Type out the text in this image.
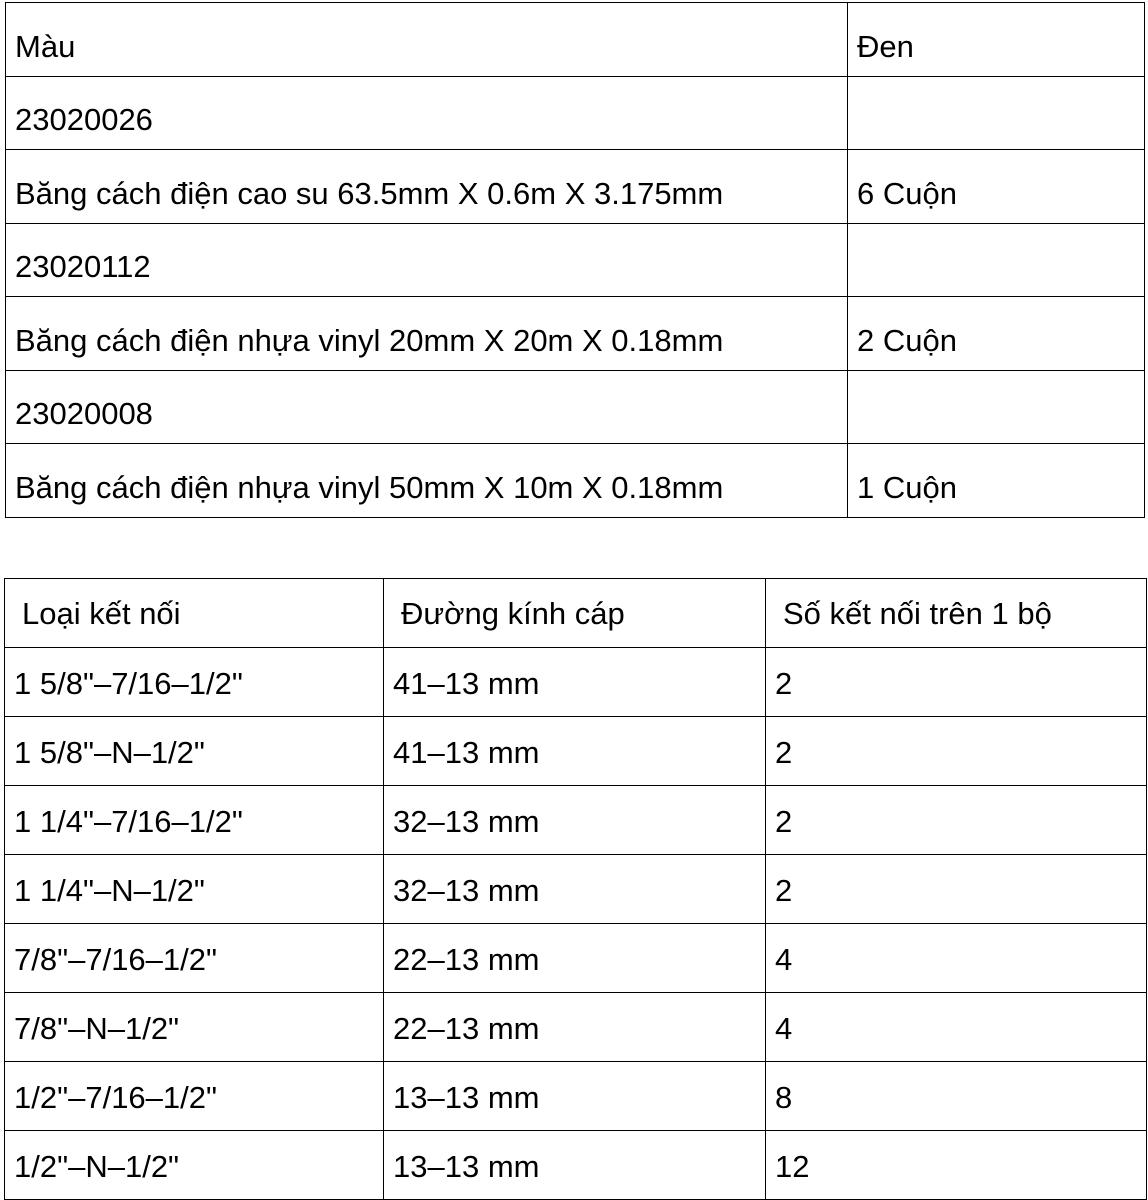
Màu	Đen
23020026	
Băng cách điện cao su 63.5mm X 0.6m X 3.175mm	6 Cuộn
23020112	
Băng cách điện nhựa vinyl 20mm X 20m X 0.18mm	2 Cuộn
23020008	
Băng cách điện nhựa vinyl 50mm X 10m X 0.18mm	1 Cuộn
Loại kết nối	Đường kính cáp	Số kết nối trên 1 bộ
1 5/8"–7/16–1/2"	41–13 mm	2
1 5/8"–N–1/2"	41–13 mm	2
1 1/4"–7/16–1/2"	32–13 mm	2
1 1/4"–N–1/2"	32–13 mm	2
7/8"–7/16–1/2"	22–13 mm	4
7/8"–N–1/2"	22–13 mm	4
1/2"–7/16–1/2"	13–13 mm	8
1/2"–N–1/2"	13–13 mm	12
